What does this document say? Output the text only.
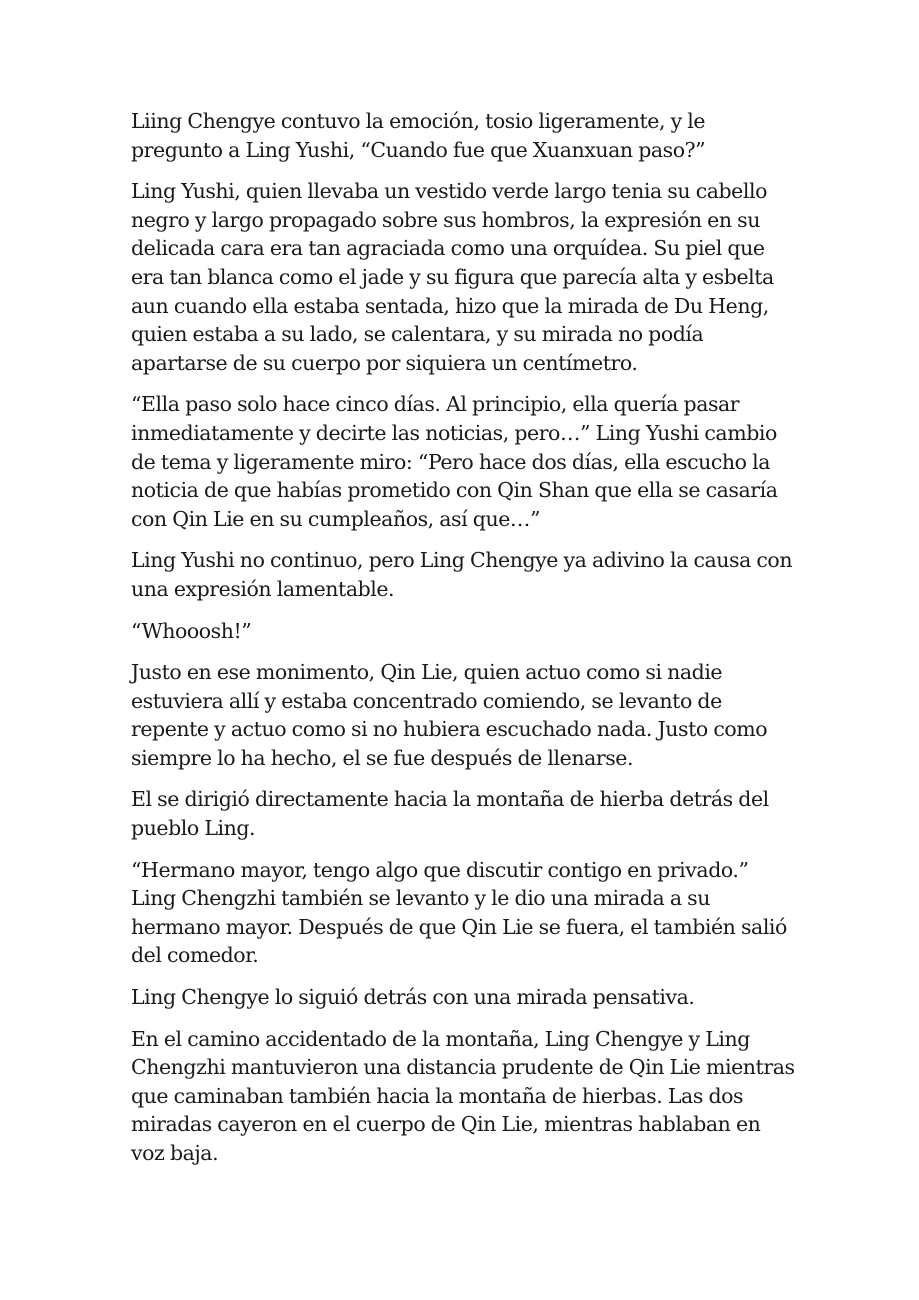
Liing Chengye contuvo la emoción, tosio ligeramente, y le pregunto a Ling Yushi, “Cuando fue que Xuanxuan paso?”

Ling Yushi, quien llevaba un vestido verde largo tenia su cabello negro y largo propagado sobre sus hombros, la expresión en su delicada cara era tan agraciada como una orquídea. Su piel que era tan blanca como el jade y su figura que parecía alta y esbelta aun cuando ella estaba sentada, hizo que la mirada de Du Heng, quien estaba a su lado, se calentara, y su mirada no podía apartarse de su cuerpo por siquiera un centímetro.

“Ella paso solo hace cinco días. Al principio, ella quería pasar inmediatamente y decirte las noticias, pero…” Ling Yushi cambio de tema y ligeramente miro: “Pero hace dos días, ella escucho la noticia de que habías prometido con Qin Shan que ella se casaría con Qin Lie en su cumpleaños, así que…”

Ling Yushi no continuo, pero Ling Chengye ya adivino la causa con una expresión lamentable.

“Whooosh!”

Justo en ese monimento, Qin Lie, quien actuo como si nadie estuviera allí y estaba concentrado comiendo, se levanto de repente y actuo como si no hubiera escuchado nada. Justo como siempre lo ha hecho, el se fue después de llenarse.

El se dirigió directamente hacia la montaña de hierba detrás del pueblo Ling.

“Hermano mayor, tengo algo que discutir contigo en privado.” Ling Chengzhi también se levanto y le dio una mirada a su hermano mayor. Después de que Qin Lie se fuera, el también salió del comedor.

Ling Chengye lo siguió detrás con una mirada pensativa.

En el camino accidentado de la montaña, Ling Chengye y Ling Chengzhi mantuvieron una distancia prudente de Qin Lie mientras que caminaban también hacia la montaña de hierbas. Las dos miradas cayeron en el cuerpo de Qin Lie, mientras hablaban en voz baja.
